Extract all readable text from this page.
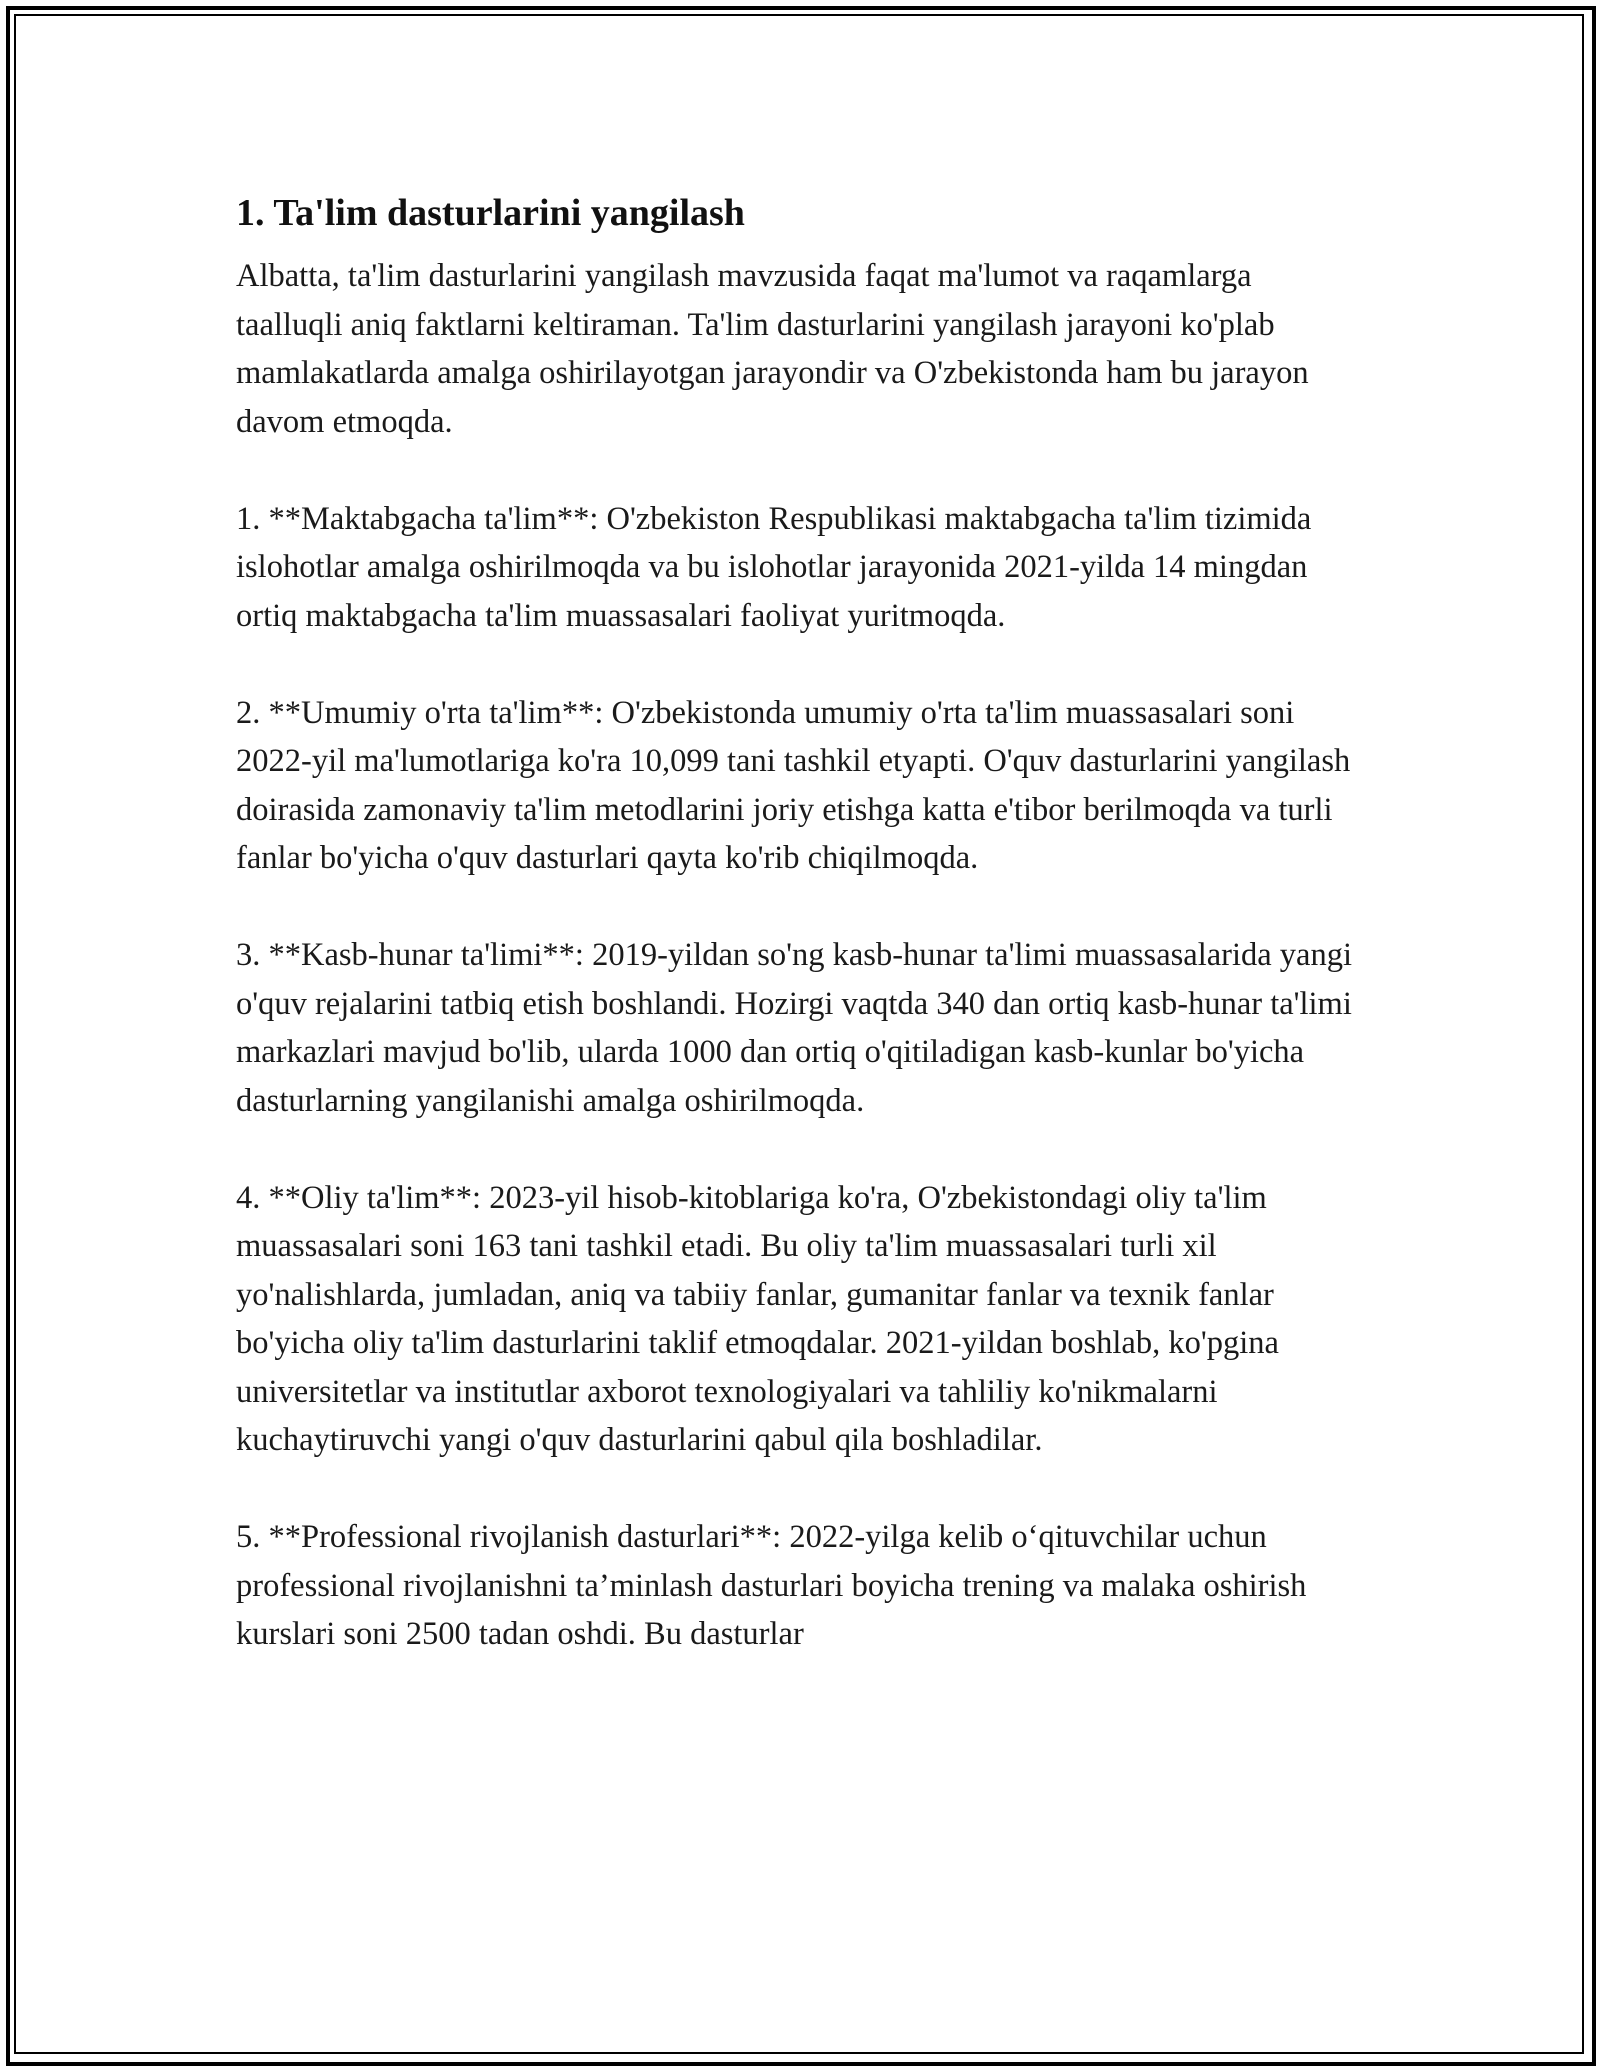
1. Ta'lim dasturlarini yangilash

Albatta, ta'lim dasturlarini yangilash mavzusida faqat ma'lumot va raqamlarga taalluqli aniq faktlarni keltiraman. Ta'lim dasturlarini yangilash jarayoni ko'plab mamlakatlarda amalga oshirilayotgan jarayondir va O'zbekistonda ham bu jarayon davom etmoqda.

1. **Maktabgacha ta'lim**: O'zbekiston Respublikasi maktabgacha ta'lim tizimida islohotlar amalga oshirilmoqda va bu islohotlar jarayonida 2021-yilda 14 mingdan ortiq maktabgacha ta'lim muassasalari faoliyat yuritmoqda.

2. **Umumiy o'rta ta'lim**: O'zbekistonda umumiy o'rta ta'lim muassasalari soni 2022-yil ma'lumotlariga ko'ra 10,099 tani tashkil etyapti. O'quv dasturlarini yangilash doirasida zamonaviy ta'lim metodlarini joriy etishga katta e'tibor berilmoqda va turli fanlar bo'yicha o'quv dasturlari qayta ko'rib chiqilmoqda.

3. **Kasb-hunar ta'limi**: 2019-yildan so'ng kasb-hunar ta'limi muassasalarida yangi o'quv rejalarini tatbiq etish boshlandi. Hozirgi vaqtda 340 dan ortiq kasb-hunar ta'limi markazlari mavjud bo'lib, ularda 1000 dan ortiq o'qitiladigan kasb-kunlar bo'yicha dasturlarning yangilanishi amalga oshirilmoqda.

4. **Oliy ta'lim**: 2023-yil hisob-kitoblariga ko'ra, O'zbekistondagi oliy ta'lim muassasalari soni 163 tani tashkil etadi. Bu oliy ta'lim muassasalari turli xil yo'nalishlarda, jumladan, aniq va tabiiy fanlar, gumanitar fanlar va texnik fanlar bo'yicha oliy ta'lim dasturlarini taklif etmoqdalar. 2021-yildan boshlab, ko'pgina universitetlar va institutlar axborot texnologiyalari va tahliliy ko'nikmalarni kuchaytiruvchi yangi o'quv dasturlarini qabul qila boshladilar.

5. **Professional rivojlanish dasturlari**: 2022-yilga kelib o‘qituvchilar uchun professional rivojlanishni ta’minlash dasturlari boyicha trening va malaka oshirish kurslari soni 2500 tadan oshdi. Bu dasturlar
